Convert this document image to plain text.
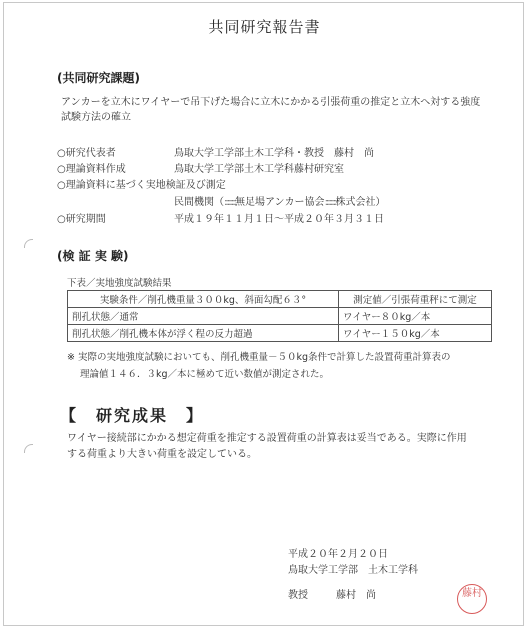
共同研究報告書
(共同研究課題)
アンカーを立木にワイヤーで吊下げた場合に立木にかかる引張荷重の推定と立木へ対する強度
試験方法の確立
○研究代表者	鳥取大学工学部土木工学科・教授　藤村　尚
○理論資料作成	鳥取大学工学部土木工学科藤村研究室
○理論資料に基づく実地検証及び測定
民間機関（::::::::無足場アンカー協会::::::::株式会社）
○研究期間	平成１９年１１月１日～平成２０年３月３１日
(検 証 実 験)
下表／実地強度試験結果
実験条件／削孔機重量３００kg、斜面勾配６３°	測定値／引張荷重秤にて測定
削孔状態／通常	ワイヤー８０kg／本
削孔状態／削孔機本体が浮く程の反力超過	ワイヤー１５０kg／本
※ 実際の実地強度試験においても、削孔機重量－５０kg条件で計算した設置荷重計算表の
理論値１４６．３kg／本に極めて近い数値が測定された。
【　研究成果　】
ワイヤー接続部にかかる想定荷重を推定する設置荷重の計算表は妥当である。実際に作用
する荷重より大きい荷重を設定している。
平成２０年２月２０日
鳥取大学工学部　土木工学科
教授	藤村　尚	藤村
